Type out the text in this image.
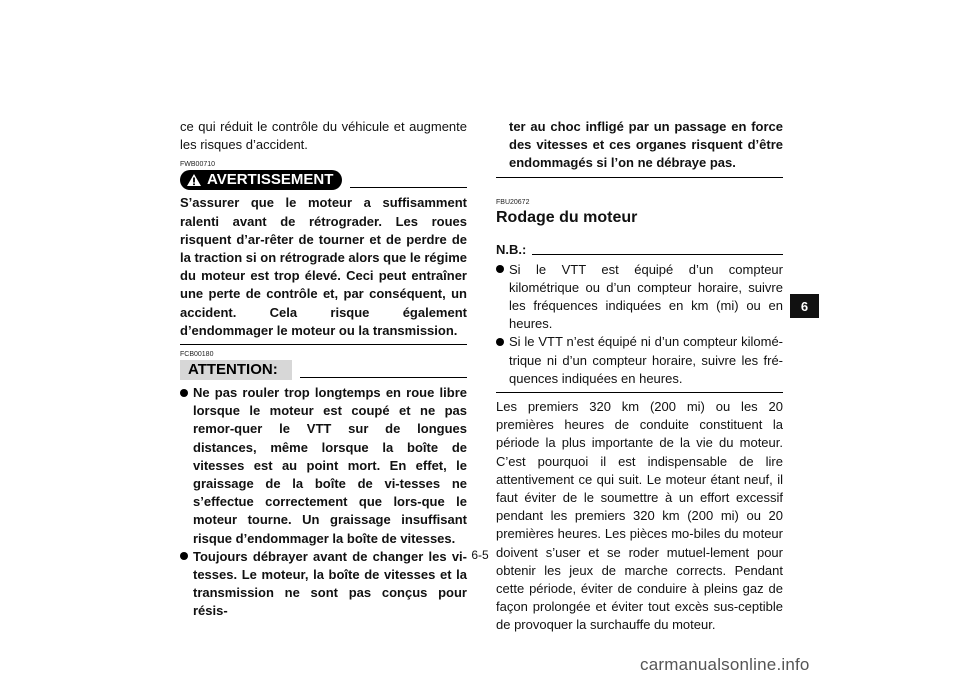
ce qui réduit le contrôle du véhicule et augmente les risques d’accident.

FWB00710
AVERTISSEMENT

S’assurer que le moteur a suffisamment ralenti avant de rétrograder. Les roues risquent d’ar-rêter de tourner et de perdre de la traction si on rétrograde alors que le régime du moteur est trop élevé. Ceci peut entraîner une perte de contrôle et, par conséquent, un accident. Cela risque également d’endommager le moteur ou la transmission.

FCB00180
ATTENTION:
Ne pas rouler trop longtemps en roue libre lorsque le moteur est coupé et ne pas remor-quer le VTT sur de longues distances, même lorsque la boîte de vitesses est au point mort. En effet, le graissage de la boîte de vi-tesses ne s’effectue correctement que lors-que le moteur tourne. Un graissage insuffisant risque d’endommager la boîte de vitesses.
Toujours débrayer avant de changer les vi-tesses. Le moteur, la boîte de vitesses et la transmission ne sont pas conçus pour résis-

ter au choc infligé par un passage en force des vitesses et ces organes risquent d’être endommagés si l’on ne débraye pas.

FBU20672
Rodage du moteur
N.B.:
Si le VTT est équipé d’un compteur kilométrique ou d’un compteur horaire, suivre les fréquences indiquées en km (mi) ou en heures.
Si le VTT n’est équipé ni d’un compteur kilomé-trique ni d’un compteur horaire, suivre les fré-quences indiquées en heures.

Les premiers 320 km (200 mi) ou les 20 premières heures de conduite constituent la période la plus importante de la vie du moteur. C’est pourquoi il est indispensable de lire attentivement ce qui suit. Le moteur étant neuf, il faut éviter de le soumettre à un effort excessif pendant les premiers 320 km (200 mi) ou 20 premières heures. Les pièces mo-biles du moteur doivent s’user et se roder mutuel-lement pour obtenir les jeux de marche corrects. Pendant cette période, éviter de conduire à pleins gaz de façon prolongée et éviter tout excès sus-ceptible de provoquer la surchauffe du moteur.

6-5
6
carmanualsonline.info
